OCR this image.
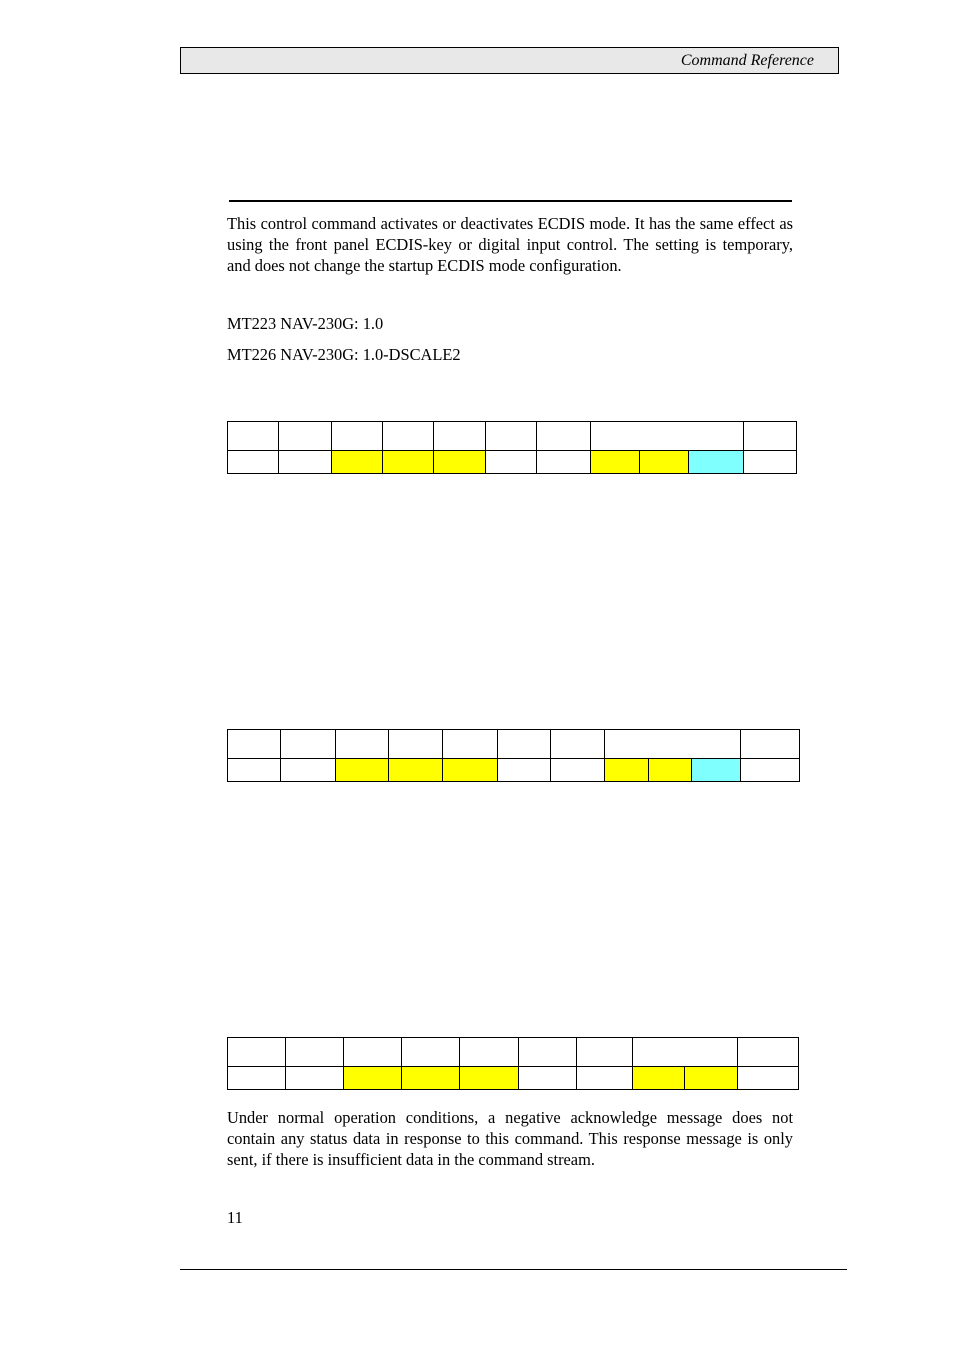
Command Reference

This control command activates or deactivates ECDIS mode. It has the same effect as using the front panel ECDIS-key or digital input control. The setting is temporary, and does not change the startup ECDIS mode configuration.

MT223 NAV-230G: 1.0

MT226 NAV-230G: 1.0-DSCALE2

Under normal operation conditions, a negative acknowledge message does not contain any status data in response to this command. This response message is only sent, if there is insufficient data in the command stream.

11
